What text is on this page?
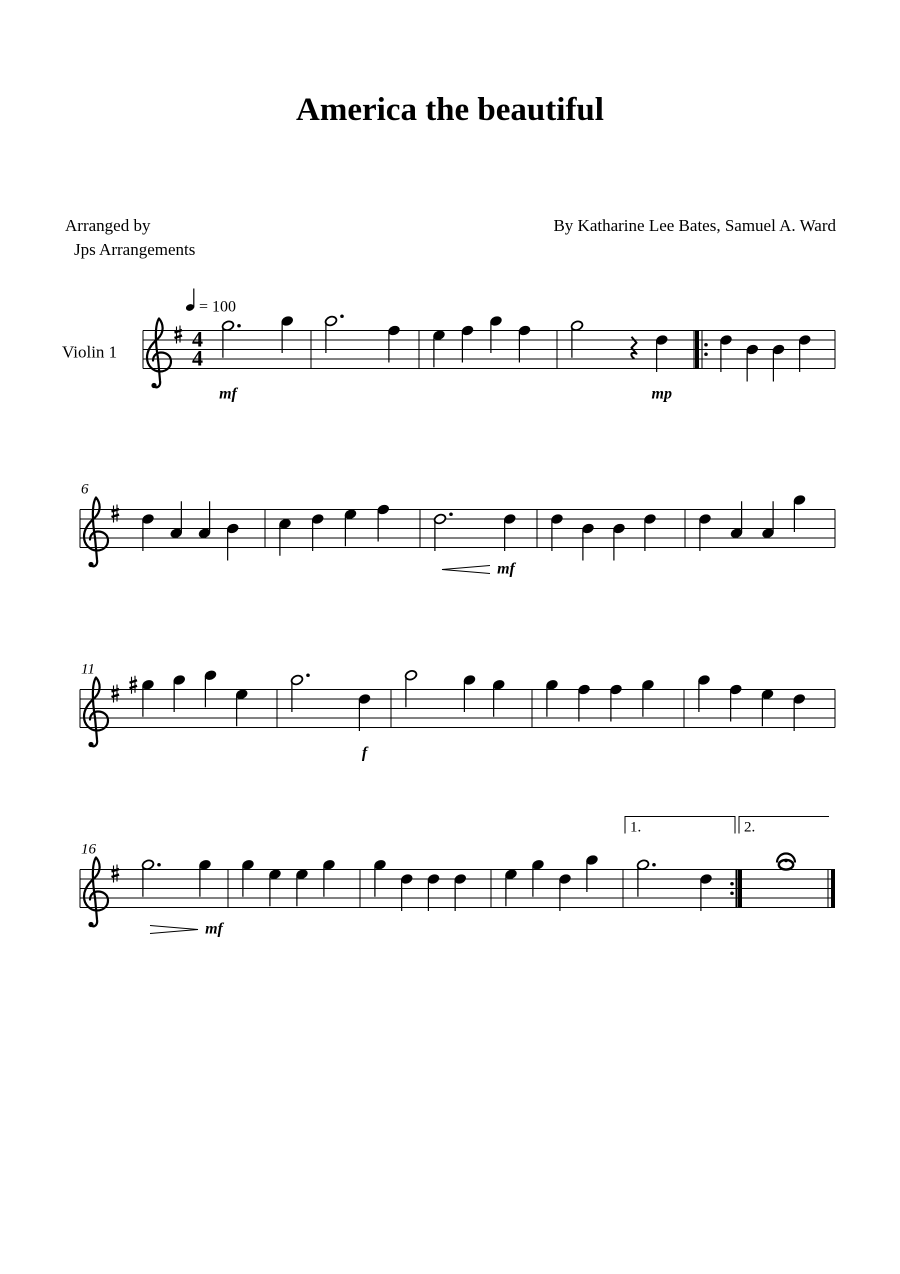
America the beautiful
Arranged by
Jps Arrangements
By Katharine Lee Bates, Samuel A. Ward
4
4
Violin 1
= 100
mf	mp
6
mf
11
f
16
mf
1.	2.
